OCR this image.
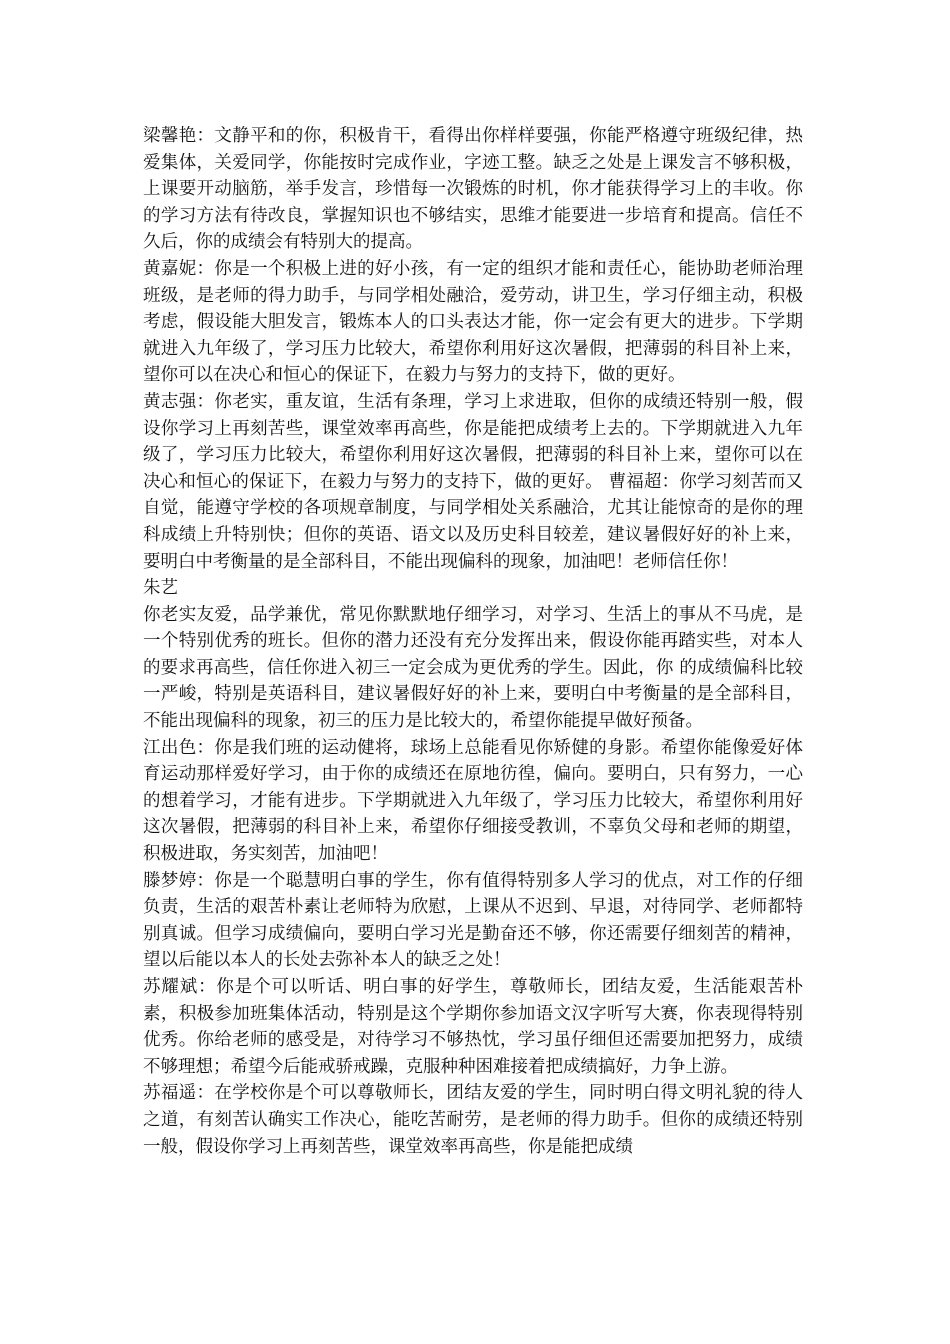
梁馨艳：文静平和的你，积极肯干，看得出你样样要强，你能严格遵守班级纪律，热爱集体，关爱同学，你能按时完成作业，字迹工整。缺乏之处是上课发言不够积极，上课要开动脑筋，举手发言，珍惜每一次锻炼的时机，你才能获得学习上的丰收。你的学习方法有待改良，掌握知识也不够结实，思维才能要进一步培育和提高。信任不久后，你的成绩会有特别大的提高。

黄嘉妮：你是一个积极上进的好小孩，有一定的组织才能和责任心，能协助老师治理班级，是老师的得力助手，与同学相处融洽，爱劳动，讲卫生，学习仔细主动，积极考虑，假设能大胆发言，锻炼本人的口头表达才能，你一定会有更大的进步。下学期就进入九年级了，学习压力比较大，希望你利用好这次暑假，把薄弱的科目补上来，望你可以在决心和恒心的保证下，在毅力与努力的支持下，做的更好。

黄志强：你老实，重友谊，生活有条理，学习上求进取，但你的成绩还特别一般，假设你学习上再刻苦些，课堂效率再高些，你是能把成绩考上去的。下学期就进入九年级了，学习压力比较大，希望你利用好这次暑假，把薄弱的科目补上来，望你可以在决心和恒心的保证下，在毅力与努力的支持下，做的更好。 曹福超：你学习刻苦而又自觉，能遵守学校的各项规章制度，与同学相处关系融洽，尤其让能惊奇的是你的理科成绩上升特别快；但你的英语、语文以及历史科目较差，建议暑假好好的补上来，要明白中考衡量的是全部科目，不能出现偏科的现象，加油吧！老师信任你！

朱艺

你老实友爱，品学兼优，常见你默默地仔细学习，对学习、生活上的事从不马虎，是一个特别优秀的班长。但你的潜力还没有充分发挥出来，假设你能再踏实些，对本人的要求再高些，信任你进入初三一定会成为更优秀的学生。因此，你 的成绩偏科比较一严峻，特别是英语科目，建议暑假好好的补上来，要明白中考衡量的是全部科目，不能出现偏科的现象，初三的压力是比较大的，希望你能提早做好预备。

江出色：你是我们班的运动健将，球场上总能看见你矫健的身影。希望你能像爱好体育运动那样爱好学习，由于你的成绩还在原地彷徨，偏向。要明白，只有努力，一心的想着学习，才能有进步。下学期就进入九年级了，学习压力比较大，希望你利用好这次暑假，把薄弱的科目补上来，希望你仔细接受教训，不辜负父母和老师的期望，积极进取，务实刻苦，加油吧！

滕梦婷：你是一个聪慧明白事的学生，你有值得特别多人学习的优点，对工作的仔细负责，生活的艰苦朴素让老师特为欣慰，上课从不迟到、早退，对待同学、老师都特别真诚。但学习成绩偏向，要明白学习光是勤奋还不够，你还需要仔细刻苦的精神，望以后能以本人的长处去弥补本人的缺乏之处！

苏耀斌：你是个可以听话、明白事的好学生，尊敬师长，团结友爱，生活能艰苦朴素，积极参加班集体活动，特别是这个学期你参加语文汉字听写大赛，你表现得特别优秀。你给老师的感受是，对待学习不够热忱，学习虽仔细但还需要加把努力，成绩不够理想；希望今后能戒骄戒躁，克服种种困难接着把成绩搞好，力争上游。

苏福遥：在学校你是个可以尊敬师长，团结友爱的学生，同时明白得文明礼貌的待人之道，有刻苦认确实工作决心，能吃苦耐劳，是老师的得力助手。但你的成绩还特别一般，假设你学习上再刻苦些，课堂效率再高些，你是能把成绩
